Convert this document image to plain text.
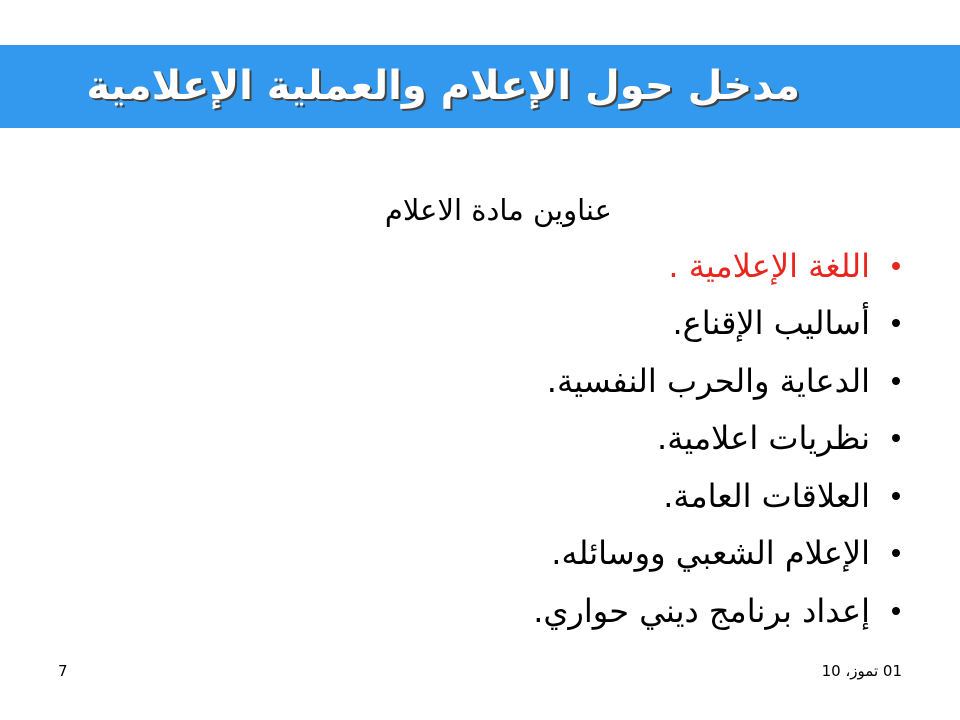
مدخل حول الإعلام والعملية الإعلامية
عناوين مادة الاعلام
اللغة الإعلامية .
أساليب الإقناع.
الدعاية والحرب النفسية.
نظريات اعلامية.
العلاقات العامة.
الإعلام الشعبي ووسائله.
إعداد برنامج ديني حواري.
01 تموز، 10
7
